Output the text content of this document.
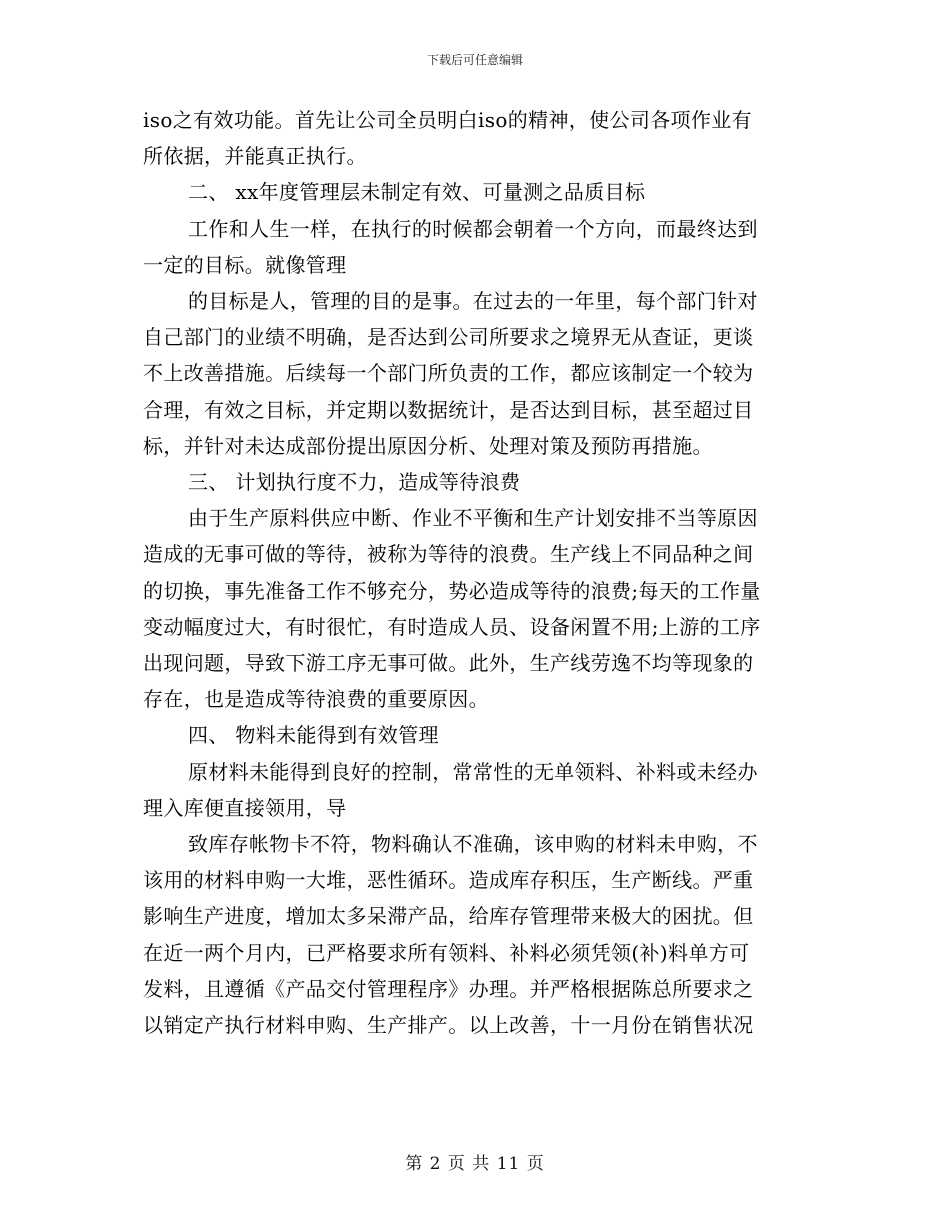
下载后可任意编辑

iso之有效功能。首先让公司全员明白iso的精神，使公司各项作业有

所依据，并能真正执行。

二、 xx年度管理层未制定有效、可量测之品质目标

工作和人生一样，在执行的时候都会朝着一个方向，而最终达到

一定的目标。就像管理

的目标是人，管理的目的是事。在过去的一年里，每个部门针对

自己部门的业绩不明确，是否达到公司所要求之境界无从查证，更谈

不上改善措施。后续每一个部门所负责的工作，都应该制定一个较为

合理，有效之目标，并定期以数据统计，是否达到目标，甚至超过目

标，并针对未达成部份提出原因分析、处理对策及预防再措施。

三、 计划执行度不力，造成等待浪费

由于生产原料供应中断、作业不平衡和生产计划安排不当等原因

造成的无事可做的等待，被称为等待的浪费。生产线上不同品种之间

的切换，事先准备工作不够充分，势必造成等待的浪费;每天的工作量

变动幅度过大，有时很忙，有时造成人员、设备闲置不用;上游的工序

出现问题，导致下游工序无事可做。此外，生产线劳逸不均等现象的

存在，也是造成等待浪费的重要原因。

四、 物料未能得到有效管理

原材料未能得到良好的控制，常常性的无单领料、补料或未经办

理入库便直接领用，导

致库存帐物卡不符，物料确认不准确，该申购的材料未申购，不

该用的材料申购一大堆，恶性循环。造成库存积压，生产断线。严重

影响生产进度，增加太多呆滞产品，给库存管理带来极大的困扰。但

在近一两个月内，已严格要求所有领料、补料必须凭领(补)料单方可

发料，且遵循《产品交付管理程序》办理。并严格根据陈总所要求之

以销定产执行材料申购、生产排产。以上改善，十一月份在销售状况

第 2 页 共 11 页
